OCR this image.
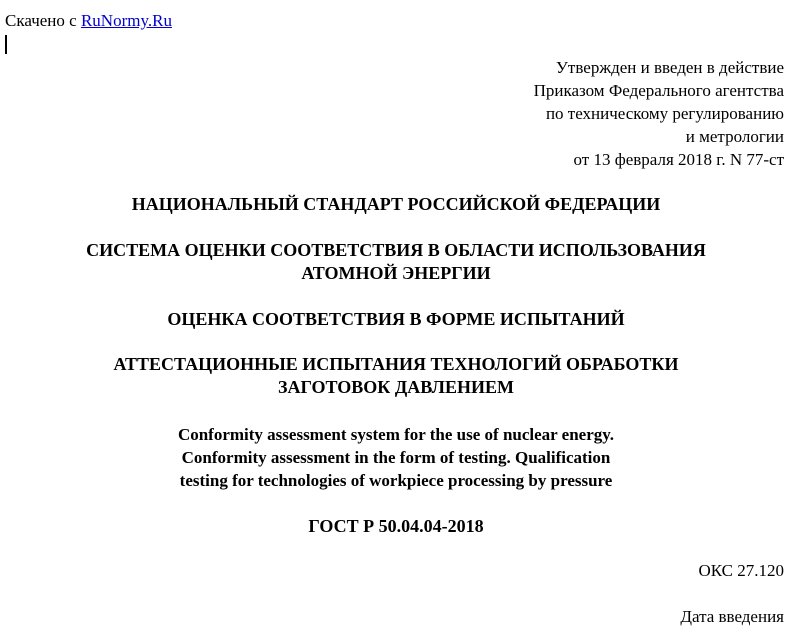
Скачено с RuNormy.Ru
Утвержден и введен в действие
Приказом Федерального агентства
по техническому регулированию
и метрологии
от 13 февраля 2018 г. N 77-ст
НАЦИОНАЛЬНЫЙ СТАНДАРТ РОССИЙСКОЙ ФЕДЕРАЦИИ
СИСТЕМА ОЦЕНКИ СООТВЕТСТВИЯ В ОБЛАСТИ ИСПОЛЬЗОВАНИЯ
АТОМНОЙ ЭНЕРГИИ
ОЦЕНКА СООТВЕТСТВИЯ В ФОРМЕ ИСПЫТАНИЙ
АТТЕСТАЦИОННЫЕ ИСПЫТАНИЯ ТЕХНОЛОГИЙ ОБРАБОТКИ
ЗАГОТОВОК ДАВЛЕНИЕМ
Conformity assessment system for the use of nuclear energy.
Conformity assessment in the form of testing. Qualification
testing for technologies of workpiece processing by pressure
ГОСТ Р 50.04.04-2018
ОКС 27.120
Дата введения
